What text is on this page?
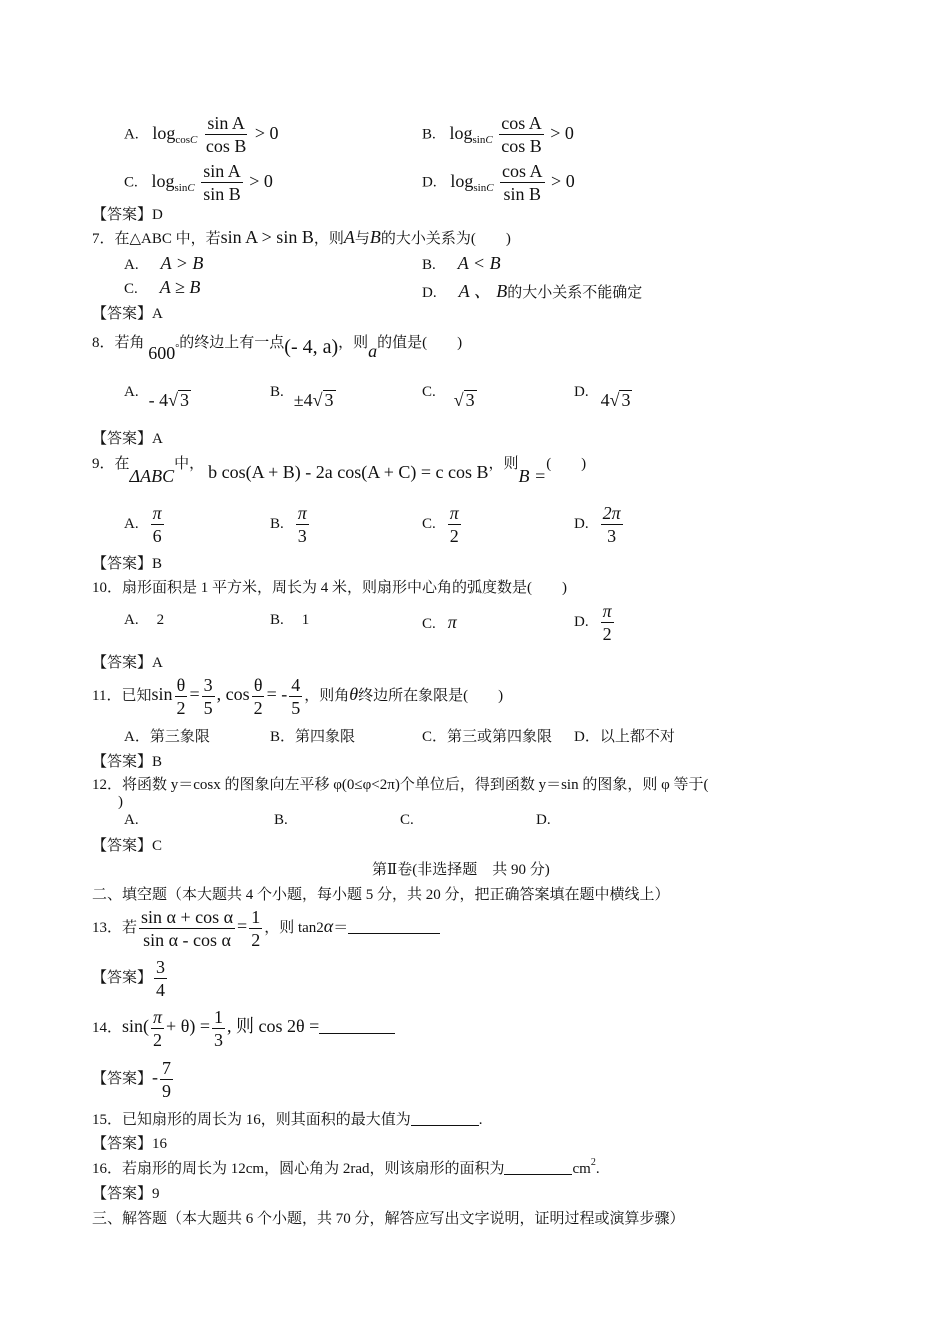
A. $\log_{cosC} \frac{\text{sin A}}{\text{cos B}} > 0$	B. $\log_{sinC} \frac{\text{cos A}}{\text{cos B}} > 0$
C. $\log_{sinC} \frac{\text{sin A}}{\text{sin B}} > 0$	D. $\log_{sinC} \frac{\text{cos A}}{\text{sin B}} > 0$
【答案】D
7．在△ABC 中，若sin A > sin B，则A与B的大小关系为(　　)
A. A > B	B. A < B
C. A ≥ B	D. A 、 B的大小关系不能确定
【答案】A
8．若角 600°的终边上有一点(- 4, a)，则a的值是(　　)
A. - 4√ 3	B. ±4√ 3	C. √ 3	D. 4√ 3
【答案】A
9．在ΔABC中， b cos(A + B) - 2a cos(A + C) = c cos B，则B =(　　)
A. $\frac{\pi}{6}$	B. $\frac{\pi}{3}$	C. $\frac{\pi}{2}$	D. $\frac{2\pi}{3}$
【答案】B
10．扇形面积是 1 平方米，周长为 4 米，则扇形中心角的弧度数是(　　)
A. 2	B. 1	C. π	D. $\frac{\pi}{2}$
【答案】A
11．已知$\sin \frac{\theta}{2} = \frac{3}{5}$ , $\cos \frac{\theta}{2}$ = - $\frac{4}{5}$ ，则角θ终边所在象限是(　　)
A．第三象限	B．第四象限	C．第三或第四象限 D．以上都不对
【答案】B
12．将函数 y＝cosx 的图象向左平移 φ(0≤φ<2π)个单位后，得到函数 y＝sin 的图象，则 φ 等于(
)
A.	B.	C.	D.
【答案】C
第Ⅱ卷(非选择题　共 90 分)
二、填空题（本大题共 4 个小题，每小题 5 分，共 20 分，把正确答案填在题中横线上）
13．若 $\frac{\text{sin α + cos α}}{\text{sin α - cos α}} = \frac{1}{2}$ ，则 tan2α＝
【答案】 $\frac{3}{4}$
14．$\sin( \frac{\pi}{2} + \theta) = \frac{1}{3}$ , 则 cos 2θ =
【答案】- $\frac{7}{9}$
15．已知扇形的周长为 16，则其面积的最大值为	.
【答案】16
16．若扇形的周长为 12cm，圆心角为 2rad，则该扇形的面积为	$cm^2$.
【答案】9
三、解答题（本大题共 6 个小题，共 70 分，解答应写出文字说明，证明过程或演算步骤）
